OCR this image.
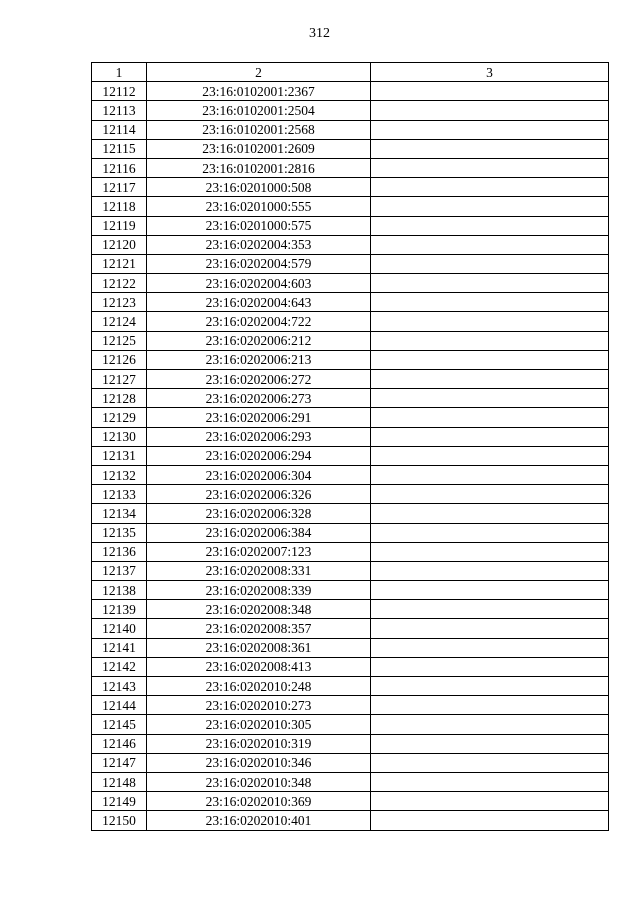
312
1	2	3
12112	23:16:0102001:2367	
12113	23:16:0102001:2504	
12114	23:16:0102001:2568	
12115	23:16:0102001:2609	
12116	23:16:0102001:2816	
12117	23:16:0201000:508	
12118	23:16:0201000:555	
12119	23:16:0201000:575	
12120	23:16:0202004:353	
12121	23:16:0202004:579	
12122	23:16:0202004:603	
12123	23:16:0202004:643	
12124	23:16:0202004:722	
12125	23:16:0202006:212	
12126	23:16:0202006:213	
12127	23:16:0202006:272	
12128	23:16:0202006:273	
12129	23:16:0202006:291	
12130	23:16:0202006:293	
12131	23:16:0202006:294	
12132	23:16:0202006:304	
12133	23:16:0202006:326	
12134	23:16:0202006:328	
12135	23:16:0202006:384	
12136	23:16:0202007:123	
12137	23:16:0202008:331	
12138	23:16:0202008:339	
12139	23:16:0202008:348	
12140	23:16:0202008:357	
12141	23:16:0202008:361	
12142	23:16:0202008:413	
12143	23:16:0202010:248	
12144	23:16:0202010:273	
12145	23:16:0202010:305	
12146	23:16:0202010:319	
12147	23:16:0202010:346	
12148	23:16:0202010:348	
12149	23:16:0202010:369	
12150	23:16:0202010:401	
